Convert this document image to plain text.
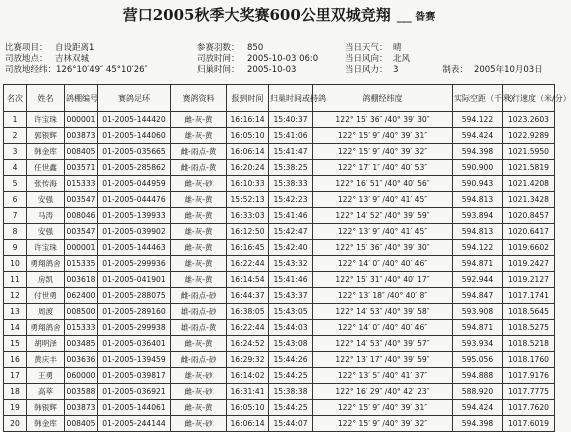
营口2005秋季大奖赛600公里双城竞翔 ___ 昝赛
比赛项目： 自设距离1
司放地点： 吉林双城
司放地经纬：126°10′49″ 45°10′26″
参赛羽数： 850
司放时间： 2005-10-03 06:0
归巢时间： 2005-10-03
当日天气： 晴
当日风向： 北风
当日风力： 3	制表： 2005年10月03日
名次	姓名	鸽棚编号	赛鸽足环	赛鸽资料	报到时间	归巢时间或持鸽	鸽棚经纬度	实际空距（千米）	飞行速度（米/分）
1	许宝珠	000001	01-2005-144420	雌-灰-黄	16:16:14	15:40:37	122° 15′ 36″ /40° 39′ 30″	594.122	1023.2603
2	郭银辉	003873	01-2005-144060	雄-灰-黄	16:05:10	15:41:06	122° 15′ 9″ /40° 39′ 31″	594.424	1022.9289
3	韩金库	008405	01-2005-035665	雌-雨点-黄	16:06:14	15:41:47	122° 15′ 9″ /40° 39′ 32″	594.398	1021.5950
4	任世鑫	003571	01-2005-285862	雌-雨点-黄	16:20:24	15:38:25	122° 17′ 1″ /40° 40′ 53″	590.900	1021.5819
5	张传海	015333	01-2005-044959	雌-灰-砂	16:10:33	15:38:33	122° 16′ 51″ /40° 40′ 56″	590.943	1021.4208
6	安强	003547	01-2005-044476	雄-灰-黄	15:52:13	15:42:23	122° 13′ 9″ /40° 41′ 45″	594.813	1021.3428
7	马涛	008046	01-2005-139933	雌-灰-黄	16:33:03	15:41:46	122° 14′ 52″ /40° 39′ 59″	593.894	1020.8457
8	安强	003547	01-2005-039902	雄-灰-黄	16:12:50	15:42:47	122° 13′ 9″ /40° 41′ 45″	594.813	1020.6417
9	许宝珠	000001	01-2005-144463	雌-灰-黄	16:16:45	15:42:40	122° 15′ 36″ /40° 39′ 30″	594.122	1019.6602
10	勇翔鸽舍	015335	01-2005-299936	雄-灰-黄	16:22:44	15:43:32	122° 14′ 0″ /40° 40′ 46″	594.871	1019.2427
11	房凯	003618	01-2005-041901	雄-灰-黄	16:14:54	15:41:46	122° 15′ 31″ /40° 40′ 17″	592.944	1019.2127
12	付世勇	062400	01-2005-288075	雌-雨点-砂	16:44:37	15:43:37	122° 13′ 18″ /40° 40′ 8″	594.847	1017.1741
13	周渡	008500	01-2005-289160	雄-雨点-砂	16:38:05	15:43:05	122° 14′ 53″ /40° 39′ 58″	593.908	1018.5645
14	勇翔鸽舍	015333	01-2005-299938	雄-雨点-黄	16:22:44	15:44:03	122° 14′ 0″ /40° 40′ 46″	594.871	1018.5275
15	胡明泽	003485	01-2005-036401	雌-灰-黄	16:24:52	15:43:08	122° 14′ 53″ /40° 39′ 57″	593.934	1018.5218
16	黄庆丰	003636	01-2005-139459	雌-雨点-砂	16:29:32	15:44:26	122° 13′ 17″ /40° 39′ 59″	595.056	1018.1760
17	王勇	060000	01-2005-039817	雄-灰-砂	16:14:02	15:44:25	122° 13′ 5″ /40° 41′ 37″	594.888	1017.9176
18	高萃	003588	01-2005-036921	雌-灰-砂	16:31:41	15:38:38	122° 16′ 29″ /40° 42′ 23″	588.920	1017.7775
19	韩银辉	003873	01-2005-144061	雌-灰-黄	16:05:10	15:44:25	122° 15′ 9″ /40° 39′ 31″	594.424	1017.7620
20	韩金库	008405	01-2005-244144	雌-灰-砂	16:06:14	15:44:07	122° 15′ 9″ /40° 39′ 32″	594.398	1017.6019
